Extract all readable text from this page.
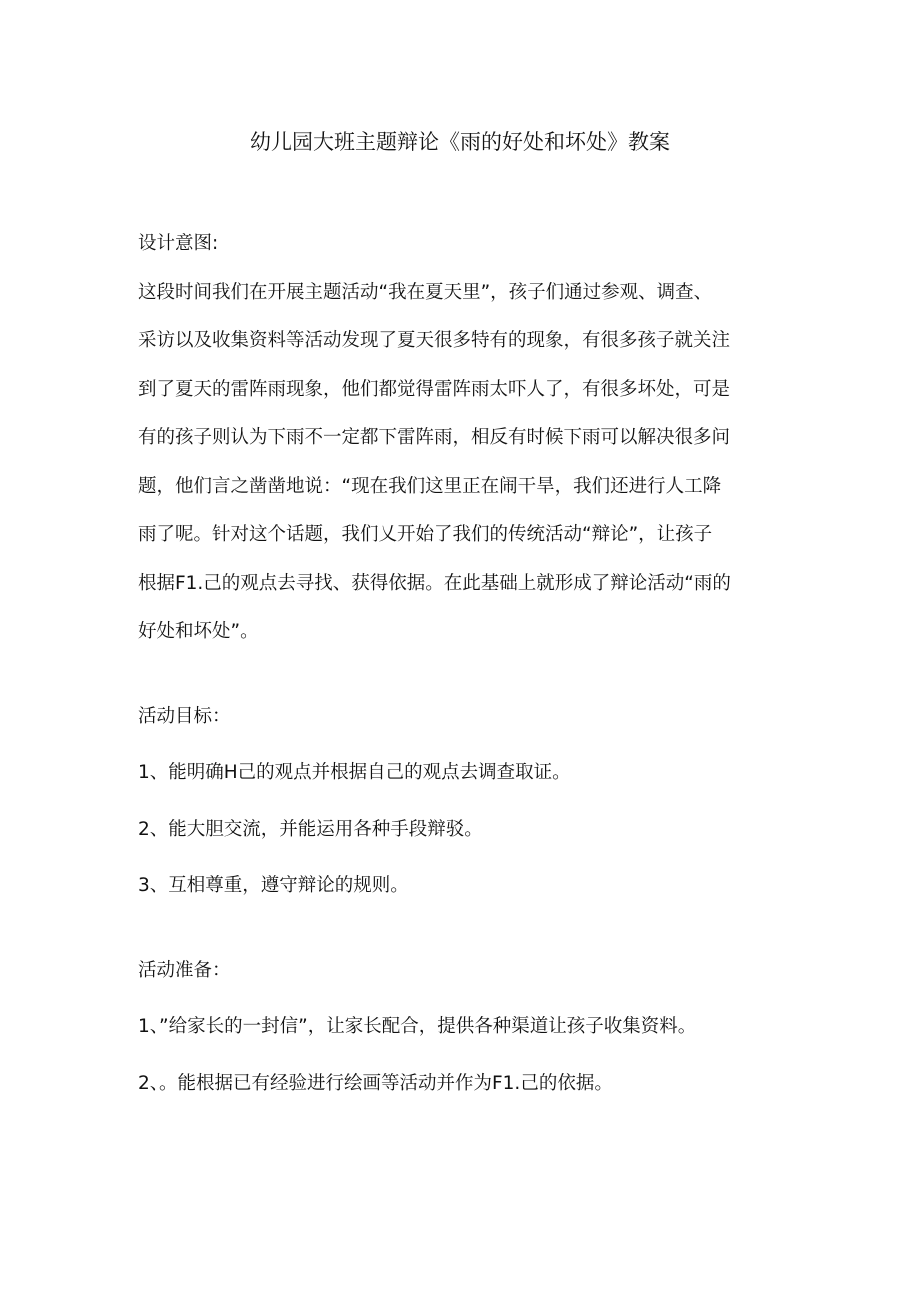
幼儿园大班主题辩论《雨的好处和坏处》教案
设计意图:
这段时间我们在开展主题活动“我在夏天里”，孩子们通过参观、调查、
采访以及收集资料等活动发现了夏天很多特有的现象，有很多孩子就关注
到了夏天的雷阵雨现象，他们都觉得雷阵雨太吓人了，有很多坏处，可是
有的孩子则认为下雨不一定都下雷阵雨，相反有时候下雨可以解决很多问
题，他们言之凿凿地说：“现在我们这里正在闹干旱，我们还进行人工降
雨了呢。针对这个话题，我们乂开始了我们的传统活动“辩论”，让孩子
根据F1.己的观点去寻找、获得依据。在此基础上就形成了辩论活动“雨的
好处和坏处”。
活动目标：
1、能明确H己的观点并根据自己的观点去调查取证。
2、能大胆交流，并能运用各种手段辩驳。
3、互相尊重，遵守辩论的规则。
活动准备：
1、”给家长的一封信”，让家长配合，提供各种渠道让孩子收集资料。
2、。能根据已有经验进行绘画等活动并作为F1.己的依据。
